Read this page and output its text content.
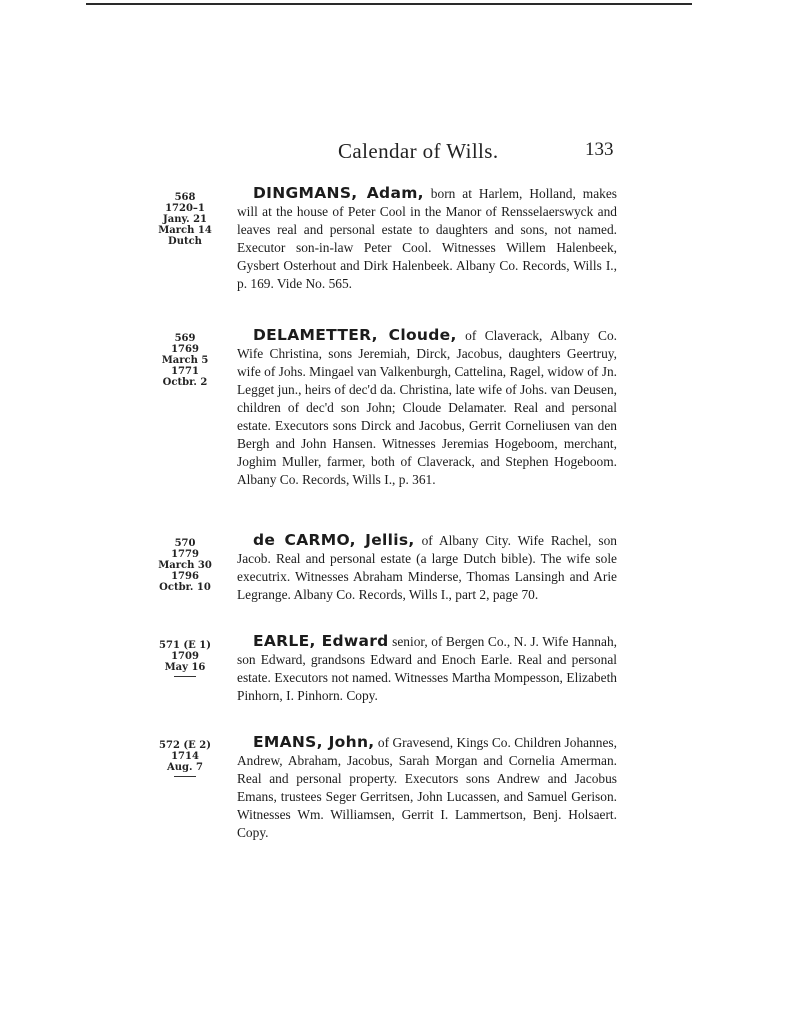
Calendar of Wills.	133
568
1720–1
Jany. 21
March 14
Dutch
DINGMANS, Adam, born at Harlem, Holland, makes will at the house of Peter Cool in the Manor of Rensselaerswyck and leaves real and personal estate to daughters and sons, not named. Executor son-in-law Peter Cool. Witnesses Willem Halenbeek, Gysbert Osterhout and Dirk Halenbeek. Albany Co. Records, Wills I., p. 169. Vide No. 565.
569
1769
March 5
1771
Octbr. 2
DELAMETTER, Cloude, of Claverack, Albany Co. Wife Christina, sons Jeremiah, Dirck, Jacobus, daughters Geertruy, wife of Johs. Mingael van Valkenburgh, Cattelina, Ragel, widow of Jn. Legget jun., heirs of dec'd da. Christina, late wife of Johs. van Deusen, children of dec'd son John; Cloude Delamater. Real and personal estate. Executors sons Dirck and Jacobus, Gerrit Corneliusen van den Bergh and John Hansen. Witnesses Jeremias Hogeboom, merchant, Joghim Muller, farmer, both of Claverack, and Stephen Hogeboom. Albany Co. Records, Wills I., p. 361.
570
1779
March 30
1796
Octbr. 10
de CARMO, Jellis, of Albany City. Wife Rachel, son Jacob. Real and personal estate (a large Dutch bible). The wife sole executrix. Witnesses Abraham Minderse, Thomas Lansingh and Arie Legrange. Albany Co. Records, Wills I., part 2, page 70.
571 (E 1)
1709
May 16
EARLE, Edward senior, of Bergen Co., N. J. Wife Hannah, son Edward, grandsons Edward and Enoch Earle. Real and personal estate. Executors not named. Witnesses Martha Mompesson, Elizabeth Pinhorn, I. Pinhorn. Copy.
572 (E 2)
1714
Aug. 7
EMANS, John, of Gravesend, Kings Co. Children Johannes, Andrew, Abraham, Jacobus, Sarah Morgan and Cornelia Amerman. Real and personal property. Executors sons Andrew and Jacobus Emans, trustees Seger Gerritsen, John Lucassen, and Samuel Gerison. Witnesses Wm. Williamsen, Gerrit I. Lammertson, Benj. Holsaert. Copy.
